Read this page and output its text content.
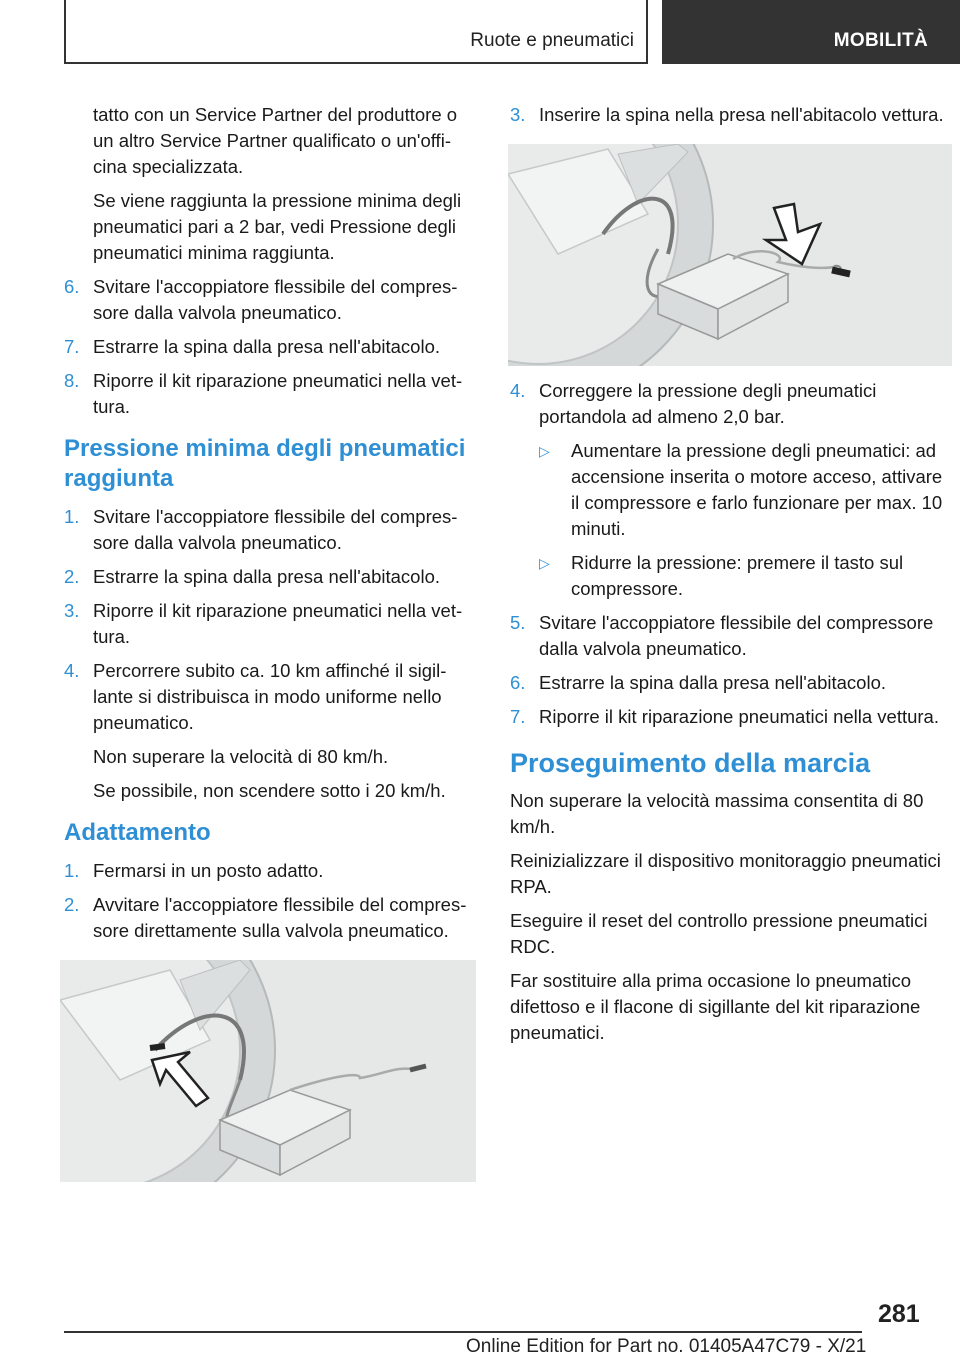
Ruote e pneumatici	MOBILITÀ

tatto con un Service Partner del produttore o un altro Service Partner qualificato o un'officina specializzata.

Se viene raggiunta la pressione minima degli pneumatici pari a 2 bar, vedi Pressione degli pneumatici minima raggiunta.

6. Svitare l'accoppiatore flessibile del compressore dalla valvola pneumatico.
7. Estrarre la spina dalla presa nell'abitacolo.
8. Riporre il kit riparazione pneumatici nella vettura.
Pressione minima degli pneumatici raggiunta
1. Svitare l'accoppiatore flessibile del compressore dalla valvola pneumatico.
2. Estrarre la spina dalla presa nell'abitacolo.
3. Riporre il kit riparazione pneumatici nella vettura.
4. Percorrere subito ca. 10 km affinché il sigillante si distribuisca in modo uniforme nello pneumatico.

Non superare la velocità di 80 km/h.

Se possibile, non scendere sotto i 20 km/h.

Adattamento
1. Fermarsi in un posto adatto.
2. Avvitare l'accoppiatore flessibile del compressore direttamente sulla valvola pneumatico.
3. Inserire la spina nella presa nell'abitacolo vettura.
4. Correggere la pressione degli pneumatici portandola ad almeno 2,0 bar.
▷ Aumentare la pressione degli pneumatici: ad accensione inserita o motore acceso, attivare il compressore e farlo funzionare per max. 10 minuti.
▷ Ridurre la pressione: premere il tasto sul compressore.
5. Svitare l'accoppiatore flessibile del compressore dalla valvola pneumatico.
6. Estrarre la spina dalla presa nell'abitacolo.
7. Riporre il kit riparazione pneumatici nella vettura.
Proseguimento della marcia

Non superare la velocità massima consentita di 80 km/h.

Reinizializzare il dispositivo monitoraggio pneumatici RPA.

Eseguire il reset del controllo pressione pneumatici RDC.

Far sostituire alla prima occasione lo pneumatico difettoso e il flacone di sigillante del kit riparazione pneumatici.

281
Online Edition for Part no. 01405A47C79 - X/21
